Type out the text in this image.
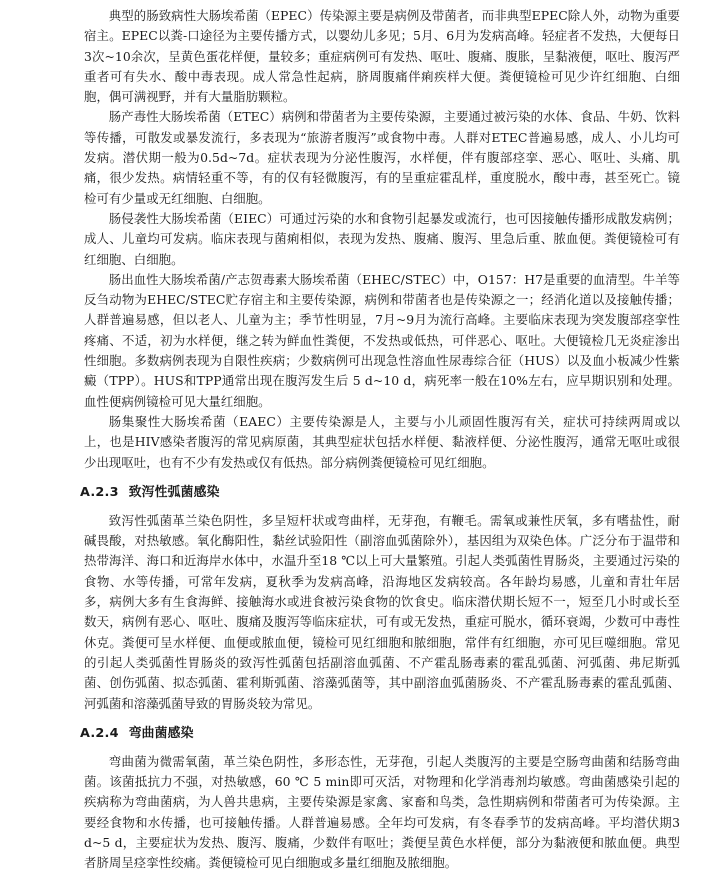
典型的肠致病性大肠埃希菌（EPEC）传染源主要是病例及带菌者，而非典型EPEC除人外，动物为重要宿主。EPEC以粪-口途径为主要传播方式，以婴幼儿多见；5月、6月为发病高峰。轻症者不发热，大便每日3次~10余次，呈黄色蛋花样便，量较多；重症病例可有发热、呕吐、腹痛、腹胀，呈黏液便，呕吐、腹泻严重者可有失水、酸中毒表现。成人常急性起病，脐周腹痛伴痢疾样大便。粪便镜检可见少许红细胞、白细胞，偶可满视野，并有大量脂肪颗粒。

肠产毒性大肠埃希菌（ETEC）病例和带菌者为主要传染源，主要通过被污染的水体、食品、牛奶、饮料等传播，可散发或暴发流行，多表现为“旅游者腹泻”或食物中毒。人群对ETEC普遍易感，成人、小儿均可发病。潜伏期一般为0.5d~7d。症状表现为分泌性腹泻，水样便，伴有腹部痉挛、恶心、呕吐、头痛、肌痛，很少发热。病情轻重不等，有的仅有轻微腹泻，有的呈重症霍乱样，重度脱水，酸中毒，甚至死亡。镜检可有少量或无红细胞、白细胞。

肠侵袭性大肠埃希菌（EIEC）可通过污染的水和食物引起暴发或流行，也可因接触传播形成散发病例；成人、儿童均可发病。临床表现与菌痢相似，表现为发热、腹痛、腹泻、里急后重、脓血便。粪便镜检可有红细胞、白细胞。

肠出血性大肠埃希菌/产志贺毒素大肠埃希菌（EHEC/STEC）中，O157：H7是重要的血清型。牛羊等反刍动物为EHEC/STEC贮存宿主和主要传染源，病例和带菌者也是传染源之一；经消化道以及接触传播；人群普遍易感，但以老人、儿童为主；季节性明显，7月~9月为流行高峰。主要临床表现为突发腹部痉挛性疼痛、不适，初为水样便，继之转为鲜血性粪便，不发热或低热，可伴恶心、呕吐。大便镜检几无炎症渗出性细胞。多数病例表现为自限性疾病；少数病例可出现急性溶血性尿毒综合征（HUS）以及血小板减少性紫癜（TPP）。HUS和TPP通常出现在腹泻发生后 5 d~10 d，病死率一般在10%左右，应早期识别和处理。血性便病例镜检可见大量红细胞。

肠集聚性大肠埃希菌（EAEC）主要传染源是人，主要与小儿顽固性腹泻有关，症状可持续两周或以上，也是HIV感染者腹泻的常见病原菌，其典型症状包括水样便、黏液样便、分泌性腹泻，通常无呕吐或很少出现呕吐，也有不少有发热或仅有低热。部分病例粪便镜检可见红细胞。

A.2.3 致泻性弧菌感染

致泻性弧菌革兰染色阴性，多呈短杆状或弯曲样，无芽孢，有鞭毛。需氧或兼性厌氧，多有嗜盐性，耐碱畏酸，对热敏感。氧化酶阳性，黏丝试验阳性（副溶血弧菌除外），基因组为双染色体。广泛分布于温带和热带海洋、海口和近海岸水体中，水温升至18 ℃以上可大量繁殖。引起人类弧菌性胃肠炎，主要通过污染的食物、水等传播，可常年发病，夏秋季为发病高峰，沿海地区发病较高。各年龄均易感，儿童和青壮年居多，病例大多有生食海鲜、接触海水或进食被污染食物的饮食史。临床潜伏期长短不一，短至几小时或长至数天，病例有恶心、呕吐、腹痛及腹泻等临床症状，可有或无发热，重症可脱水，循环衰竭，少数可中毒性休克。粪便可呈水样便、血便或脓血便，镜检可见红细胞和脓细胞，常伴有红细胞，亦可见巨噬细胞。常见的引起人类弧菌性胃肠炎的致泻性弧菌包括副溶血弧菌、不产霍乱肠毒素的霍乱弧菌、河弧菌、弗尼斯弧菌、创伤弧菌、拟态弧菌、霍利斯弧菌、溶藻弧菌等，其中副溶血弧菌肠炎、不产霍乱肠毒素的霍乱弧菌、河弧菌和溶藻弧菌导致的胃肠炎较为常见。

A.2.4 弯曲菌感染

弯曲菌为微需氧菌，革兰染色阴性，多形态性，无芽孢，引起人类腹泻的主要是空肠弯曲菌和结肠弯曲菌。该菌抵抗力不强，对热敏感，60 ℃ 5 min即可灭活，对物理和化学消毒剂均敏感。弯曲菌感染引起的疾病称为弯曲菌病，为人兽共患病，主要传染源是家禽、家畜和鸟类，急性期病例和带菌者可为传染源。主要经食物和水传播，也可接触传播。人群普遍易感。全年均可发病，有冬春季节的发病高峰。平均潜伏期3 d~5 d，主要症状为发热、腹泻、腹痛，少数伴有呕吐；粪便呈黄色水样便，部分为黏液便和脓血便。典型者脐周呈痉挛性绞痛。粪便镜检可见白细胞或多量红细胞及脓细胞。
